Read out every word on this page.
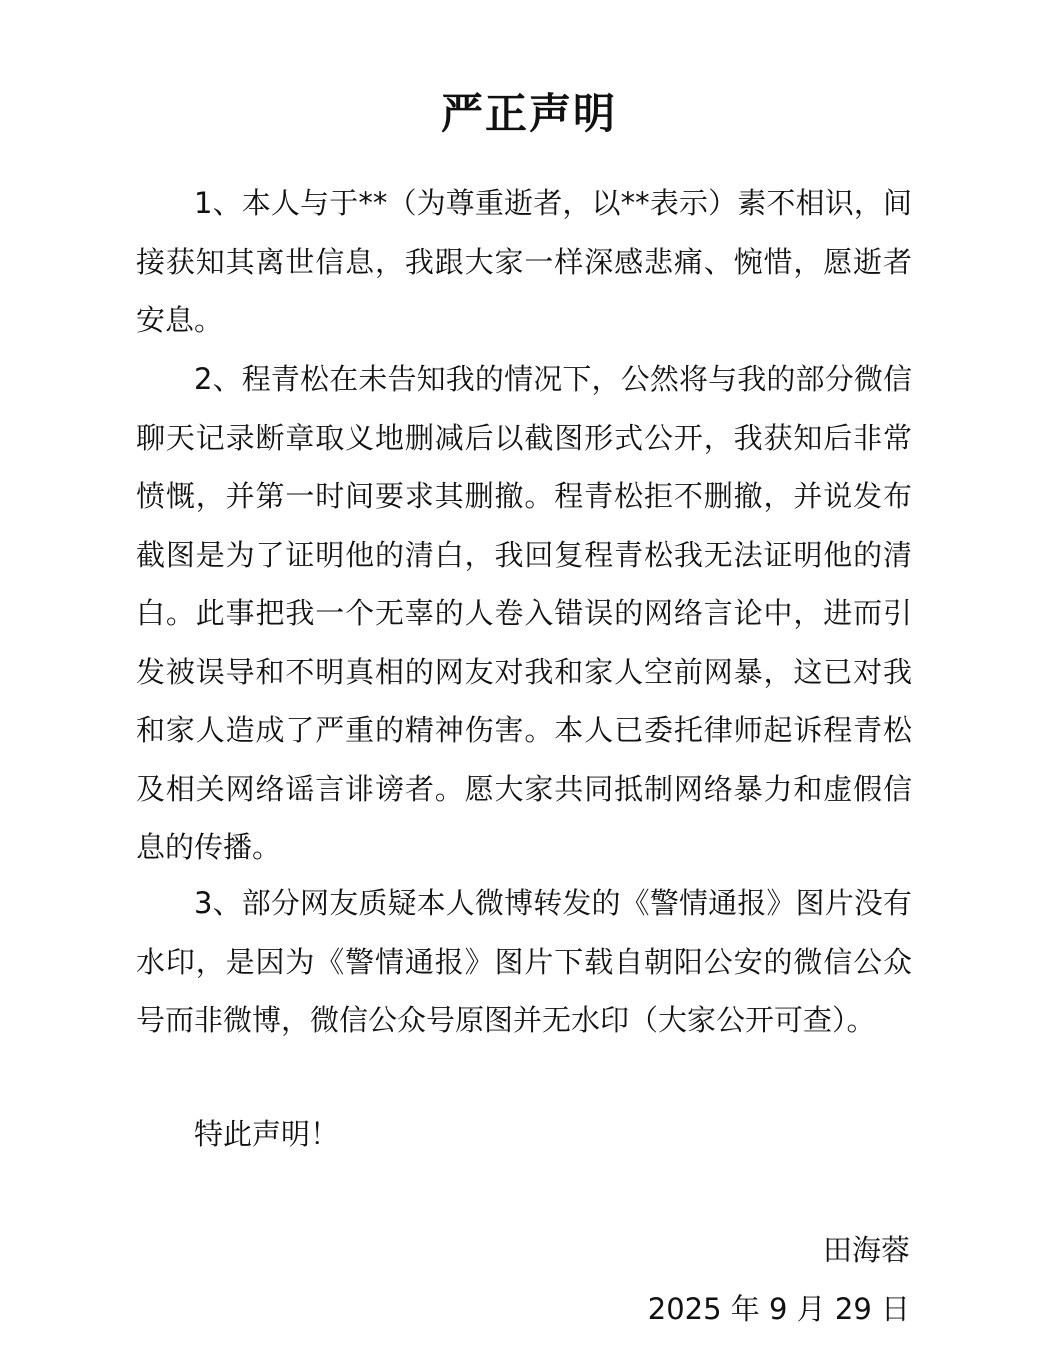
严正声明

1、本人与于**（为尊重逝者，以**表示）素不相识，间接获知其离世信息，我跟大家一样深感悲痛、惋惜，愿逝者安息。

2、程青松在未告知我的情况下，公然将与我的部分微信聊天记录断章取义地删减后以截图形式公开，我获知后非常愤慨，并第一时间要求其删撤。程青松拒不删撤，并说发布截图是为了证明他的清白，我回复程青松我无法证明他的清白。此事把我一个无辜的人卷入错误的网络言论中，进而引发被误导和不明真相的网友对我和家人空前网暴，这已对我和家人造成了严重的精神伤害。本人已委托律师起诉程青松及相关网络谣言诽谤者。愿大家共同抵制网络暴力和虚假信息的传播。

3、部分网友质疑本人微博转发的《警情通报》图片没有水印，是因为《警情通报》图片下载自朝阳公安的微信公众号而非微博，微信公众号原图并无水印（大家公开可查）。

特此声明！
田海蓉
2025 年 9 月 29 日
